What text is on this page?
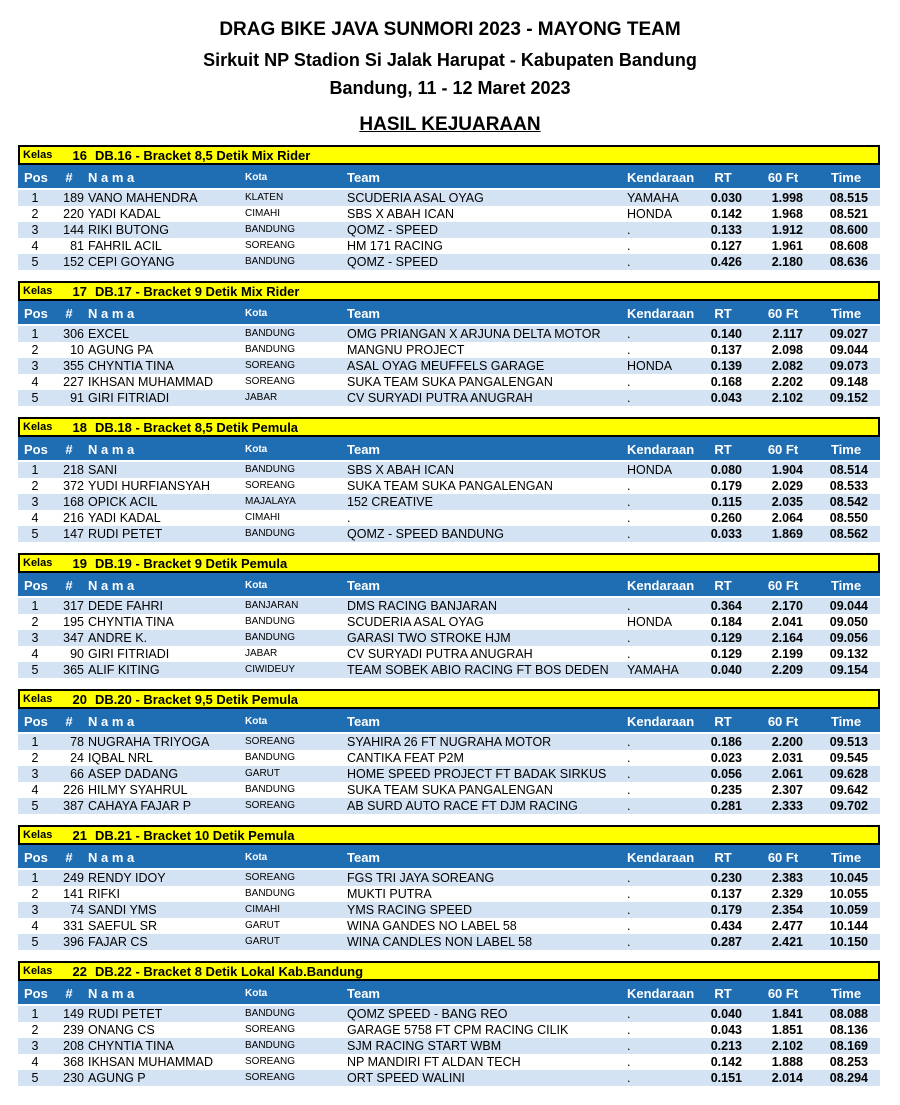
DRAG BIKE JAVA SUNMORI 2023 - MAYONG TEAM
Sirkuit NP Stadion Si Jalak Harupat - Kabupaten Bandung
Bandung, 11 - 12 Maret 2023
HASIL KEJUARAAN
Kelas	16 DB.16 - Bracket 8,5 Detik Mix Rider
Pos # N a m a	Kota	Team	Kendaraan	RT	60 Ft	Time
1	189 VANO MAHENDRA	KLATEN	SCUDERIA ASAL OYAG	YAMAHA	0.030	1.998	08.515
2	220 YADI KADAL	CIMAHI	SBS X ABAH ICAN	HONDA	0.142	1.968	08.521
3	144 RIKI BUTONG	BANDUNG	QOMZ - SPEED	.	0.133	1.912	08.600
4	81 FAHRIL ACIL	SOREANG	HM 171 RACING	.	0.127	1.961	08.608
5	152 CEPI GOYANG	BANDUNG	QOMZ - SPEED	.	0.426	2.180	08.636
Kelas	17 DB.17 - Bracket 9 Detik Mix Rider
Pos # N a m a	Kota	Team	Kendaraan	RT	60 Ft	Time
1	306 EXCEL	BANDUNG	OMG PRIANGAN X ARJUNA DELTA MOTOR .	0.140	2.117	09.027
2	10 AGUNG PA	BANDUNG	MANGNU PROJECT	.	0.137	2.098	09.044
3	355 CHYNTIA TINA	SOREANG	ASAL OYAG MEUFFELS GARAGE	HONDA	0.139	2.082	09.073
4	227 IKHSAN MUHAMMAD	SOREANG	SUKA TEAM SUKA PANGALENGAN	.	0.168	2.202	09.148
5	91 GIRI FITRIADI	JABAR	CV SURYADI PUTRA ANUGRAH	.	0.043	2.102	09.152
Kelas	18 DB.18 - Bracket 8,5 Detik Pemula
Pos # N a m a	Kota	Team	Kendaraan	RT	60 Ft	Time
1	218 SANI	BANDUNG	SBS X ABAH ICAN	HONDA	0.080	1.904	08.514
2	372 YUDI HURFIANSYAH	SOREANG	SUKA TEAM SUKA PANGALENGAN	.	0.179	2.029	08.533
3	168 OPICK ACIL	MAJALAYA	152 CREATIVE	.	0.115	2.035	08.542
4	216 YADI KADAL	CIMAHI	.	.	0.260	2.064	08.550
5	147 RUDI PETET	BANDUNG	QOMZ - SPEED BANDUNG	.	0.033	1.869	08.562
Kelas	19 DB.19 - Bracket 9 Detik Pemula
Pos # N a m a	Kota	Team	Kendaraan	RT	60 Ft	Time
1	317 DEDE FAHRI	BANJARAN	DMS RACING BANJARAN	.	0.364	2.170	09.044
2	195 CHYNTIA TINA	BANDUNG	SCUDERIA ASAL OYAG	HONDA	0.184	2.041	09.050
3	347 ANDRE K.	BANDUNG	GARASI TWO STROKE HJM	.	0.129	2.164	09.056
4	90 GIRI FITRIADI	JABAR	CV SURYADI PUTRA ANUGRAH	.	0.129	2.199	09.132
5	365 ALIF KITING	CIWIDEUY	TEAM SOBEK ABIO RACING FT BOS DEDEN YAMAHA	0.040	2.209	09.154
Kelas	20 DB.20 - Bracket 9,5 Detik Pemula
Pos # N a m a	Kota	Team	Kendaraan	RT	60 Ft	Time
1	78 NUGRAHA TRIYOGA	SOREANG	SYAHIRA 26 FT NUGRAHA MOTOR	.	0.186	2.200	09.513
2	24 IQBAL NRL	BANDUNG	CANTIKA FEAT P2M	.	0.023	2.031	09.545
3	66 ASEP DADANG	GARUT	HOME SPEED PROJECT FT BADAK SIRKUS .	0.056	2.061	09.628
4	226 HILMY SYAHRUL	BANDUNG	SUKA TEAM SUKA PANGALENGAN	.	0.235	2.307	09.642
5	387 CAHAYA FAJAR P	SOREANG	AB SURD AUTO RACE FT DJM RACING	.	0.281	2.333	09.702
Kelas	21 DB.21 - Bracket 10 Detik Pemula
Pos # N a m a	Kota	Team	Kendaraan	RT	60 Ft	Time
1	249 RENDY IDOY	SOREANG	FGS TRI JAYA SOREANG	.	0.230	2.383	10.045
2	141 RIFKI	BANDUNG	MUKTI PUTRA	.	0.137	2.329	10.055
3	74 SANDI YMS	CIMAHI	YMS RACING SPEED	.	0.179	2.354	10.059
4	331 SAEFUL SR	GARUT	WINA GANDES NO LABEL 58	.	0.434	2.477	10.144
5	396 FAJAR CS	GARUT	WINA CANDLES NON LABEL 58	.	0.287	2.421	10.150
Kelas	22 DB.22 - Bracket 8 Detik Lokal Kab.Bandung
Pos # N a m a	Kota	Team	Kendaraan	RT	60 Ft	Time
1	149 RUDI PETET	BANDUNG	QOMZ SPEED - BANG REO	.	0.040	1.841	08.088
2	239 ONANG CS	SOREANG	GARAGE 5758 FT CPM RACING CILIK	.	0.043	1.851	08.136
3	208 CHYNTIA TINA	BANDUNG	SJM RACING START WBM	.	0.213	2.102	08.169
4	368 IKHSAN MUHAMMAD	SOREANG	NP MANDIRI FT ALDAN TECH	.	0.142	1.888	08.253
5	230 AGUNG P	SOREANG	ORT SPEED WALINI	.	0.151	2.014	08.294
